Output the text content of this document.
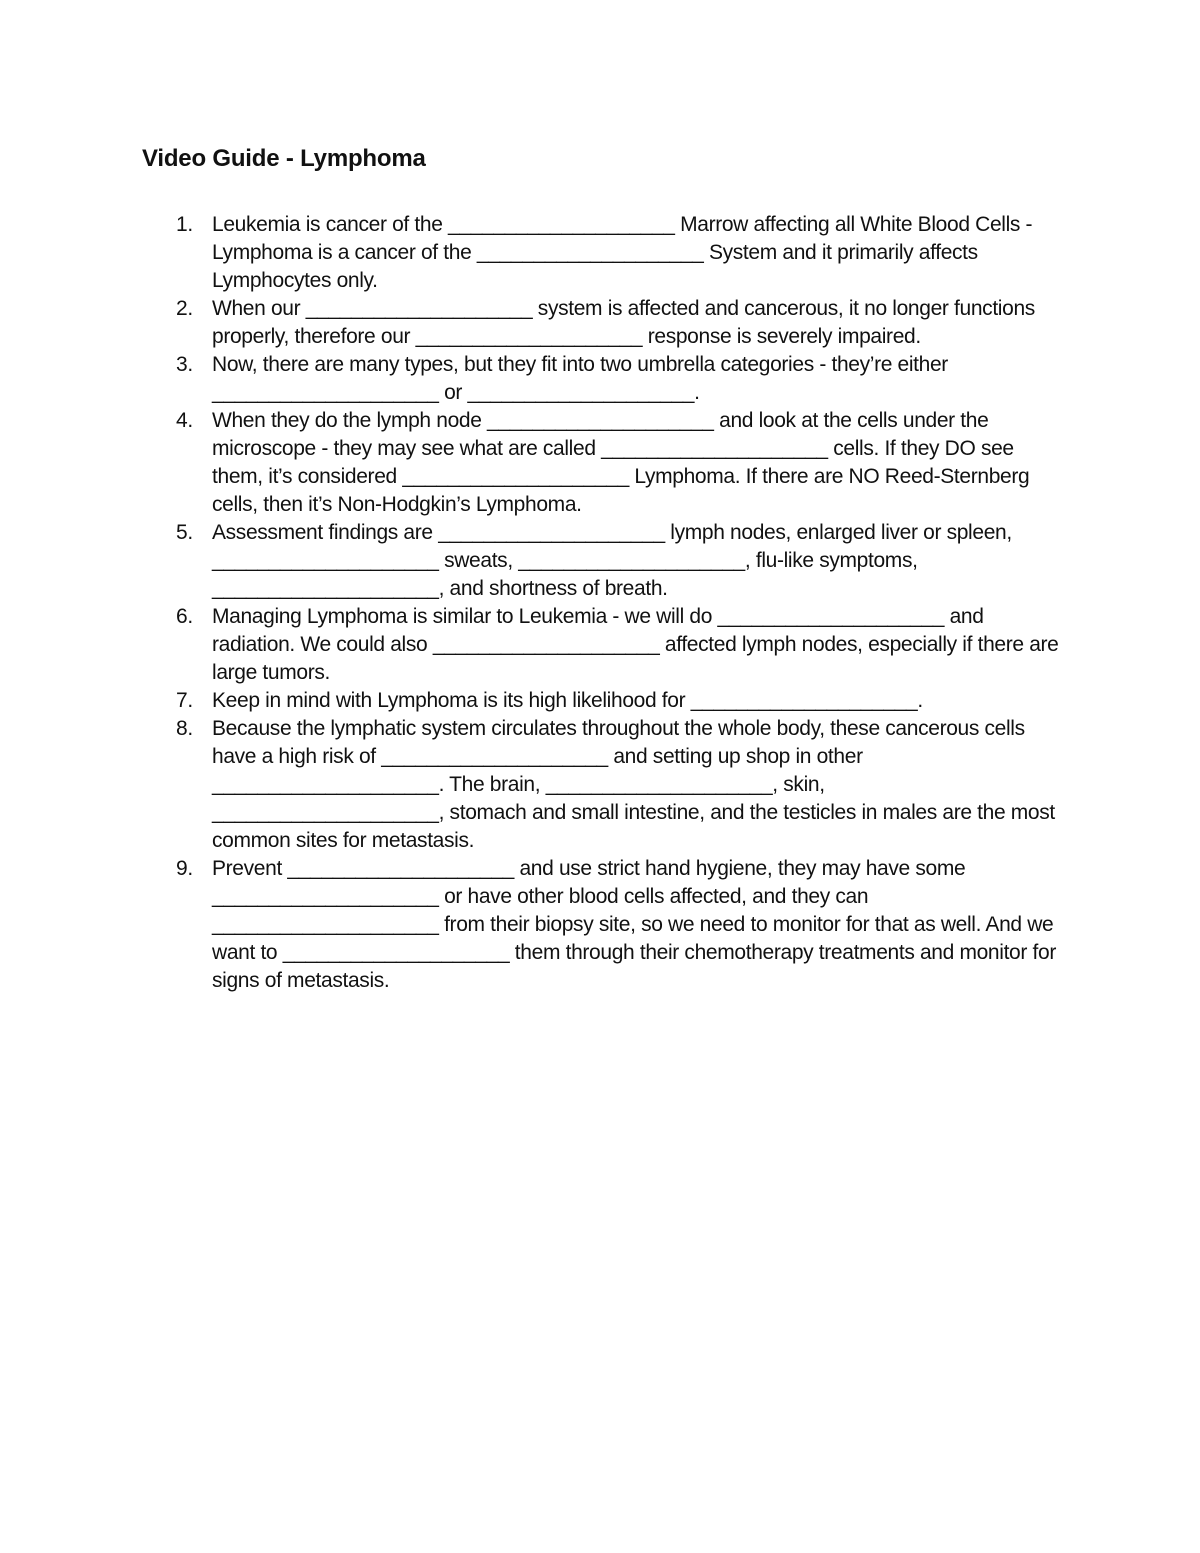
Video Guide - Lymphoma
1. Leukemia is cancer of the ____________________ Marrow affecting all White Blood Cells - Lymphoma is a cancer of the ____________________ System and it primarily affects Lymphocytes only.
2. When our ____________________ system is affected and cancerous, it no longer functions properly, therefore our ____________________ response is severely impaired.
3. Now, there are many types, but they fit into two umbrella categories - they’re either ____________________ or ____________________.
4. When they do the lymph node ____________________ and look at the cells under the microscope - they may see what are called ____________________ cells. If they DO see them, it’s considered ____________________ Lymphoma. If there are NO Reed-Sternberg cells, then it’s Non-Hodgkin’s Lymphoma.
5. Assessment findings are ____________________ lymph nodes, enlarged liver or spleen, ____________________ sweats, ____________________, flu-like symptoms, ____________________, and shortness of breath.
6. Managing Lymphoma is similar to Leukemia - we will do ____________________ and radiation. We could also ____________________ affected lymph nodes, especially if there are large tumors.
7. Keep in mind with Lymphoma is its high likelihood for ____________________.
8. Because the lymphatic system circulates throughout the whole body, these cancerous cells have a high risk of ____________________ and setting up shop in other ____________________. The brain, ____________________, skin, ____________________, stomach and small intestine, and the testicles in males are the most common sites for metastasis.
9. Prevent ____________________ and use strict hand hygiene, they may have some ____________________ or have other blood cells affected, and they can ____________________ from their biopsy site, so we need to monitor for that as well. And we want to ____________________ them through their chemotherapy treatments and monitor for signs of metastasis.
